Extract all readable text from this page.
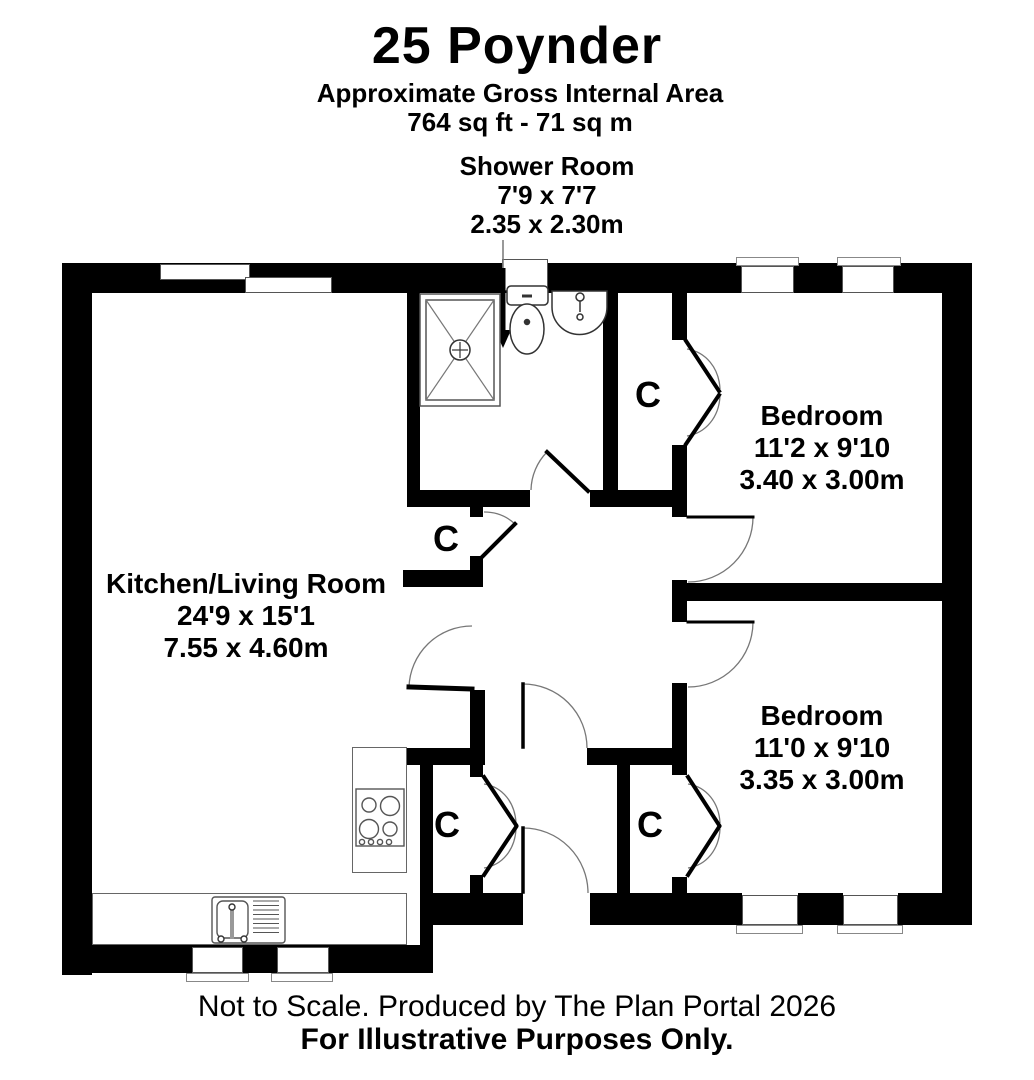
25 Poynder
Approximate Gross Internal Area
764 sq ft - 71 sq m
Shower Room
7'9 x 7'7
2.35 x 2.30m
Kitchen/Living Room
24'9 x 15'1
7.55 x 4.60m
Bedroom
11'2 x 9'10
3.40 x 3.00m
Bedroom
11'0 x 9'10
3.35 x 3.00m
C
C
C	C
Not to Scale. Produced by The Plan Portal 2026
For Illustrative Purposes Only.
